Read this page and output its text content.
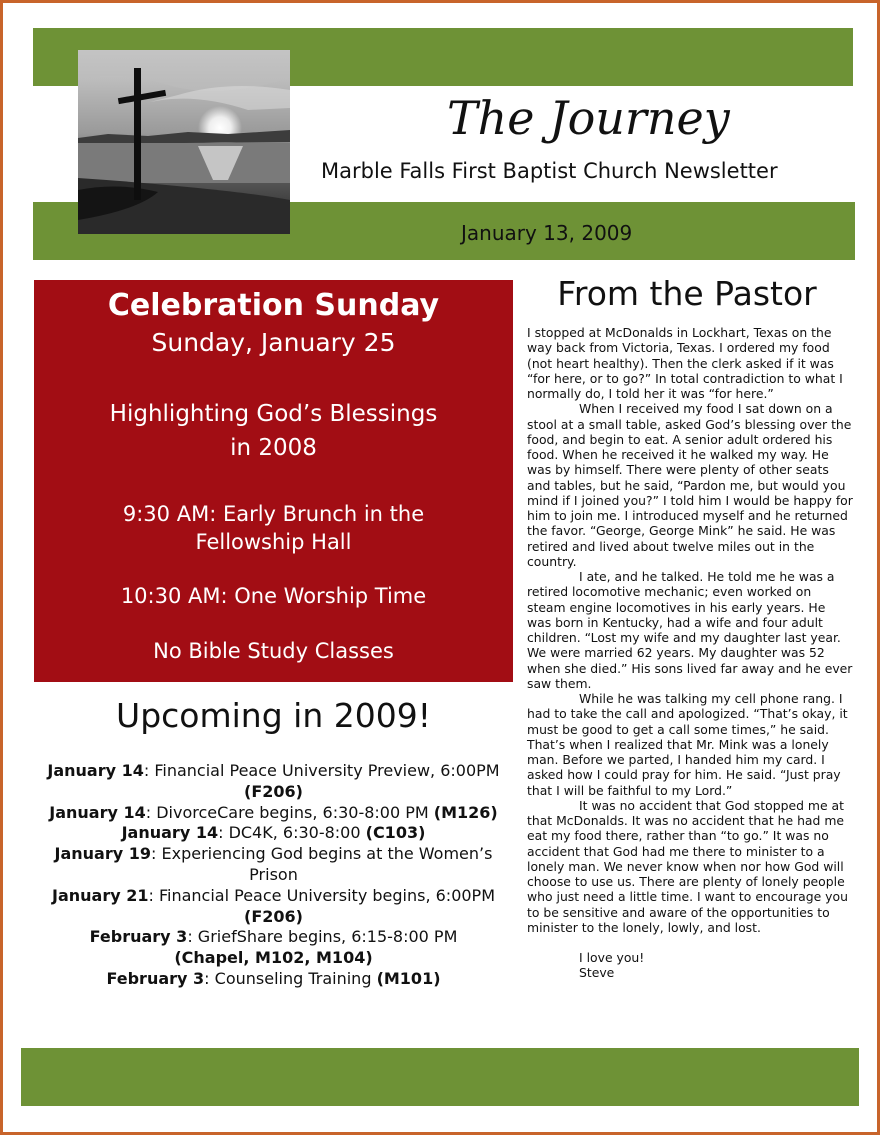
The Journey
Marble Falls First Baptist Church Newsletter
January 13, 2009
Celebration Sunday
Sunday, January 25
Highlighting God’s Blessings
in 2008
9:30 AM: Early Brunch in the
Fellowship Hall
10:30 AM: One Worship Time
No Bible Study Classes
Upcoming in 2009!
January 14: Financial Peace University Preview, 6:00PM (F206)
January 14: DivorceCare begins, 6:30-8:00 PM (M126)
January 14: DC4K, 6:30-8:00 (C103)
January 19: Experiencing God begins at the Women’s Prison
January 21: Financial Peace University begins, 6:00PM (F206)
February 3: GriefShare begins, 6:15-8:00 PM
(Chapel, M102, M104)
February 3: Counseling Training (M101)
From the Pastor

I stopped at McDonalds in Lockhart, Texas on the way back from Victoria, Texas. I ordered my food (not heart healthy). Then the clerk asked if it was “for here, or to go?” In total contradiction to what I normally do, I told her it was “for here.”

When I received my food I sat down on a stool at a small table, asked God’s blessing over the food, and begin to eat. A senior adult ordered his food. When he received it he walked my way. He was by himself. There were plenty of other seats and tables, but he said, “Pardon me, but would you mind if I joined you?” I told him I would be happy for him to join me. I introduced myself and he returned the favor. “George, George Mink” he said. He was retired and lived about twelve miles out in the country.

I ate, and he talked. He told me he was a retired locomotive mechanic; even worked on steam engine locomotives in his early years. He was born in Kentucky, had a wife and four adult children. “Lost my wife and my daughter last year. We were married 62 years. My daughter was 52 when she died.” His sons lived far away and he ever saw them.

While he was talking my cell phone rang. I had to take the call and apologized. “That’s okay, it must be good to get a call some times,” he said. That’s when I realized that Mr. Mink was a lonely man. Before we parted, I handed him my card. I asked how I could pray for him. He said. “Just pray that I will be faithful to my Lord.”

It was no accident that God stopped me at that McDonalds. It was no accident that he had me eat my food there, rather than “to go.” It was no accident that God had me there to minister to a lonely man. We never know when nor how God will choose to use us. There are plenty of lonely people who just need a little time. I want to encourage you to be sensitive and aware of the opportunities to minister to the lonely, lowly, and lost.

I love you!

Steve
